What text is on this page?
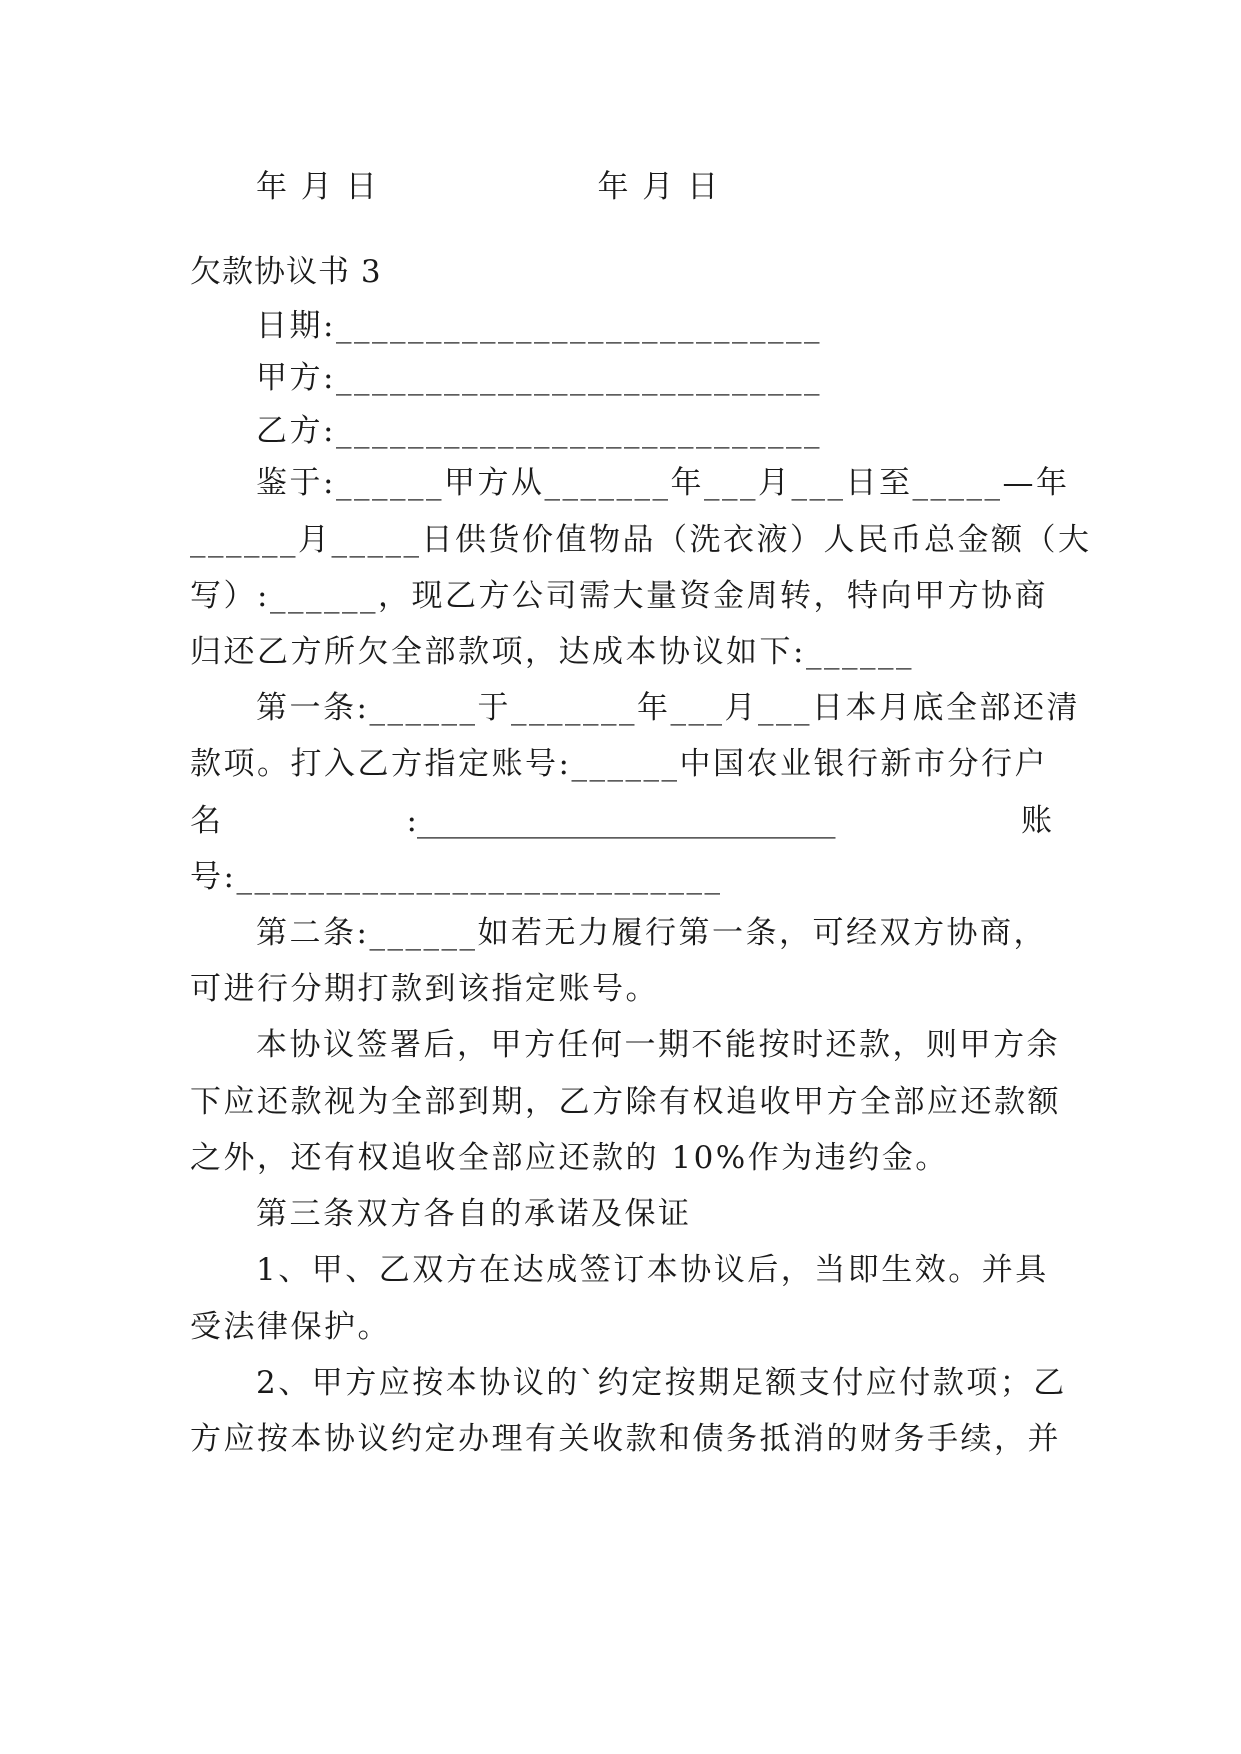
年 月 日	年 月 日
欠款协议书 3
日期:___________________________
甲方:___________________________
乙方:___________________________
鉴于:______甲方从_______年___月___日至_____—年
______月_____日供货价值物品（洗衣液）人民币总金额（大
写）:______，现乙方公司需大量资金周转，特向甲方协商
归还乙方所欠全部款项，达成本协议如下:______
第一条:______于_______年___月___日本月底全部还清
款项。打入乙方指定账号:______中国农业银行新市分行户
名	:___________________________	账
号:___________________________
第二条:______如若无力履行第一条，可经双方协商，
可进行分期打款到该指定账号。
本协议签署后，甲方任何一期不能按时还款，则甲方余
下应还款视为全部到期，乙方除有权追收甲方全部应还款额
之外，还有权追收全部应还款的 10%作为违约金。
第三条双方各自的承诺及保证
1、甲、乙双方在达成签订本协议后，当即生效。并具
受法律保护。
2、甲方应按本协议的`约定按期足额支付应付款项；乙
方应按本协议约定办理有关收款和债务抵消的财务手续，并
